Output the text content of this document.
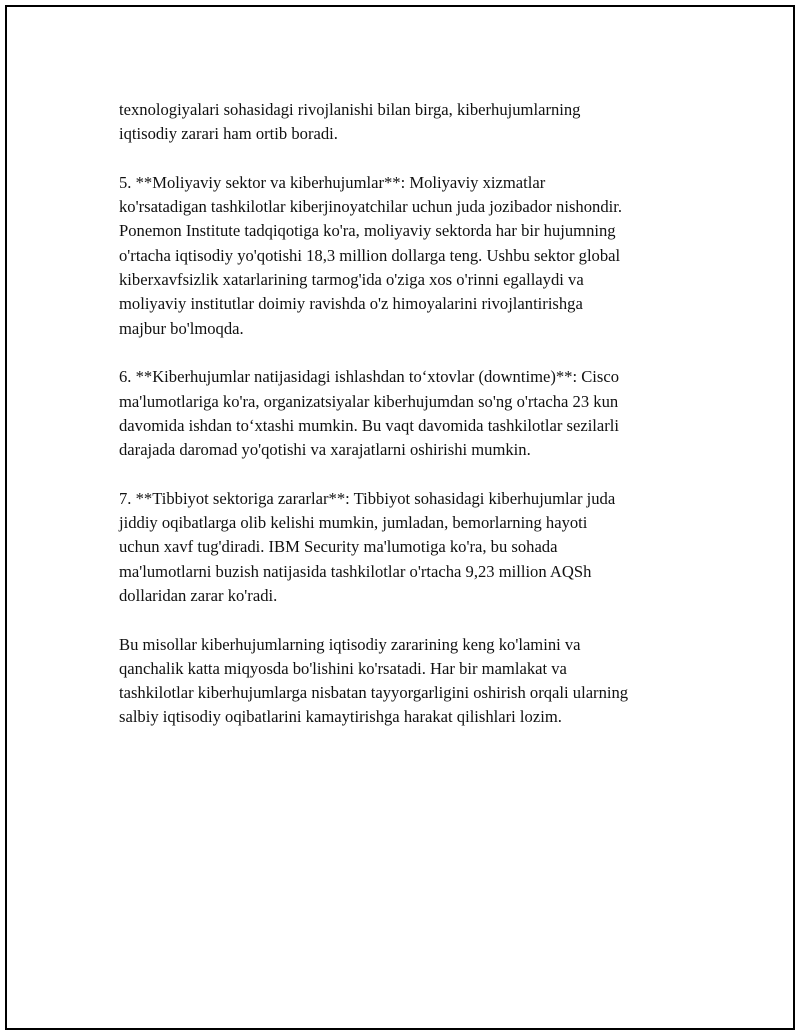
texnologiyalari sohasidagi rivojlanishi bilan birga, kiberhujumlarning
iqtisodiy zarari ham ortib boradi.
5. **Moliyaviy sektor va kiberhujumlar**: Moliyaviy xizmatlar
ko'rsatadigan tashkilotlar kiberjinoyatchilar uchun juda jozibador nishondir.
Ponemon Institute tadqiqotiga ko'ra, moliyaviy sektorda har bir hujumning
o'rtacha iqtisodiy yo'qotishi 18,3 million dollarga teng. Ushbu sektor global
kiberxavfsizlik xatarlarining tarmog'ida o'ziga xos o'rinni egallaydi va
moliyaviy institutlar doimiy ravishda o'z himoyalarini rivojlantirishga
majbur bo'lmoqda.
6. **Kiberhujumlar natijasidagi ishlashdan to‘xtovlar (downtime)**: Cisco
ma'lumotlariga ko'ra, organizatsiyalar kiberhujumdan so'ng o'rtacha 23 kun
davomida ishdan to‘xtashi mumkin. Bu vaqt davomida tashkilotlar sezilarli
darajada daromad yo'qotishi va xarajatlarni oshirishi mumkin.
7. **Tibbiyot sektoriga zararlar**: Tibbiyot sohasidagi kiberhujumlar juda
jiddiy oqibatlarga olib kelishi mumkin, jumladan, bemorlarning hayoti
uchun xavf tug'diradi. IBM Security ma'lumotiga ko'ra, bu sohada
ma'lumotlarni buzish natijasida tashkilotlar o'rtacha 9,23 million AQSh
dollaridan zarar ko'radi.
Bu misollar kiberhujumlarning iqtisodiy zararining keng ko'lamini va
qanchalik katta miqyosda bo'lishini ko'rsatadi. Har bir mamlakat va
tashkilotlar kiberhujumlarga nisbatan tayyorgarligini oshirish orqali ularning
salbiy iqtisodiy oqibatlarini kamaytirishga harakat qilishlari lozim.
